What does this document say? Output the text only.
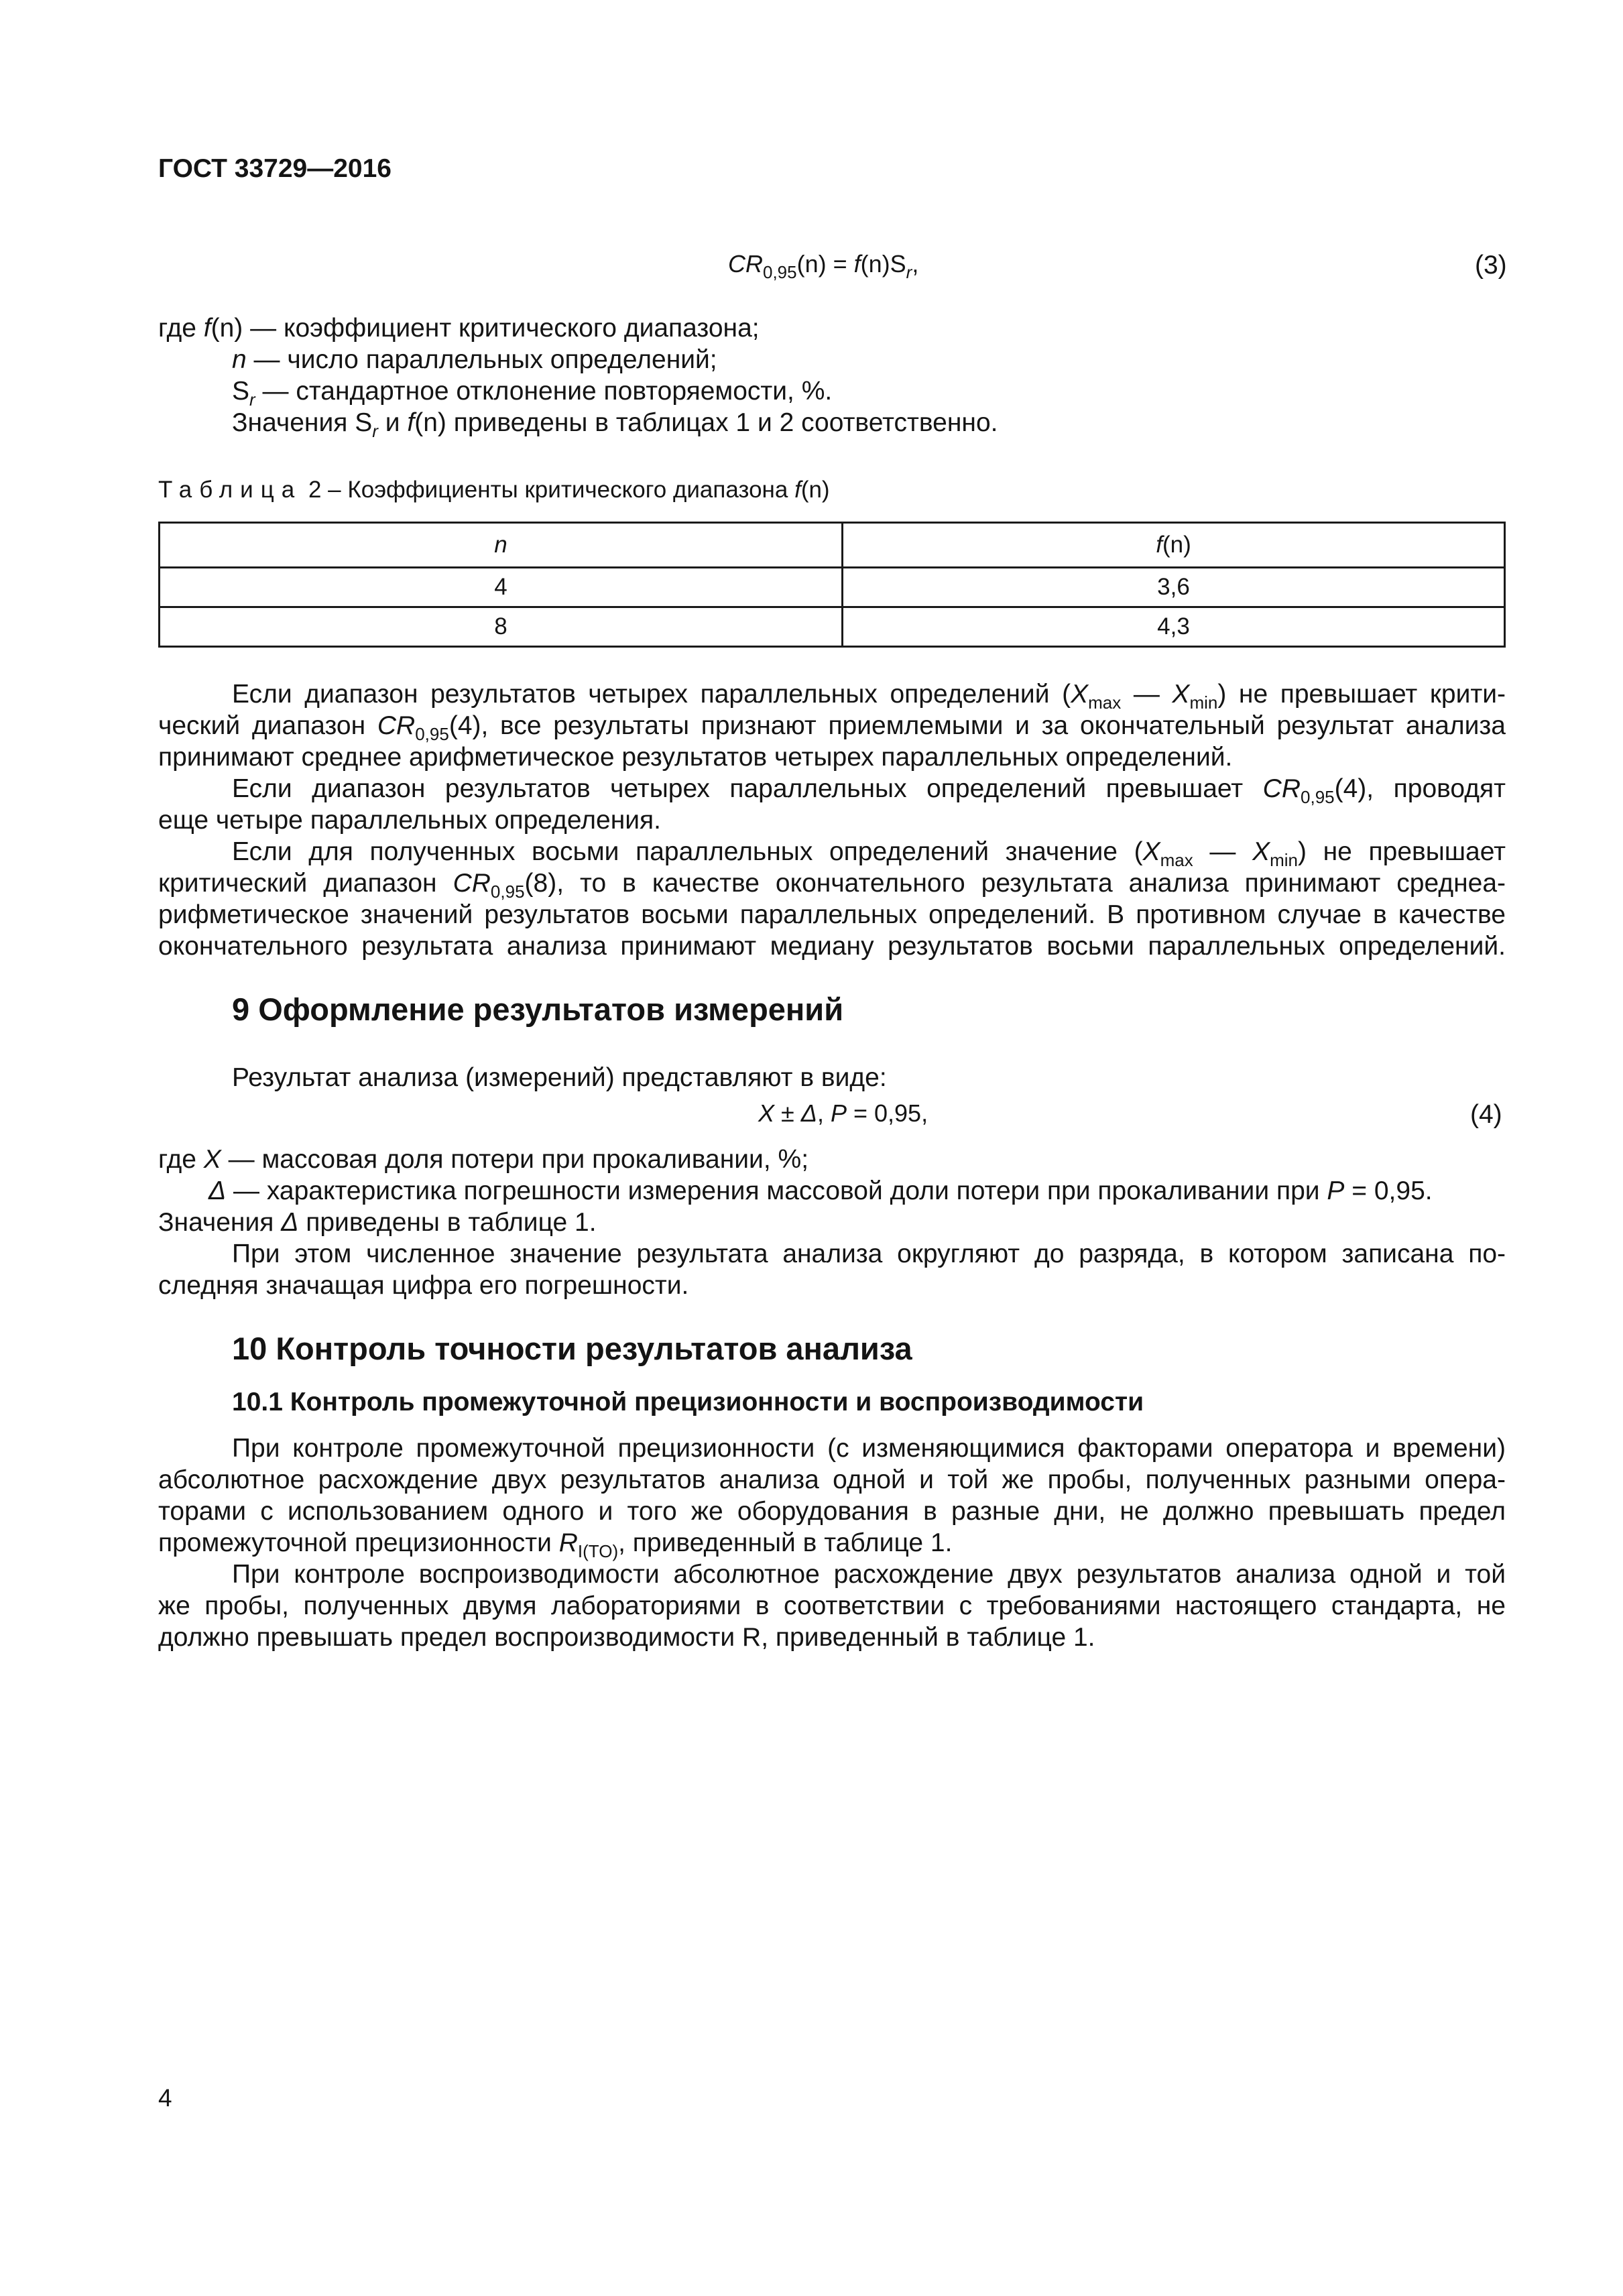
ГОСТ 33729—2016
$CR_{0,95}(n) = f(n)S_r$,	(3)
где f(n) — коэффициент критического диапазона;
n — число параллельных определений;
$S_r$ — стандартное отклонение повторяемости, %.
Значения $S_r$ и f(n) приведены в таблицах 1 и 2 соответственно.
Таблица 2 – Коэффициенты критического диапазона f(n)
n	f(n)
4	3,6
8	4,3
Если диапазон результатов четырех параллельных определений ($X_{max}$ — $X_{min}$) не превышает крити-
ческий диапазон $CR_{0,95}(4)$, все результаты признают приемлемыми и за окончательный результат анализа
принимают среднее арифметическое результатов четырех параллельных определений.
Если диапазон результатов четырех параллельных определений превышает $CR_{0,95}(4)$, проводят
еще четыре параллельных определения.
Если для полученных восьми параллельных определений значение ($X_{max}$ — $X_{min}$) не превышает
критический диапазон $CR_{0,95}(8)$, то в качестве окончательного результата анализа принимают среднеа-
рифметическое значений результатов восьми параллельных определений. В противном случае в качестве
окончательного результата анализа принимают медиану результатов восьми параллельных определений.
9 Оформление результатов измерений
Результат анализа (измерений) представляют в виде:
X ± Δ, P = 0,95,	(4)
где X — массовая доля потери при прокаливании, %;
Δ — характеристика погрешности измерения массовой доли потери при прокаливании при P = 0,95.
Значения Δ приведены в таблице 1.
При этом численное значение результата анализа округляют до разряда, в котором записана по-
следняя значащая цифра его погрешности.
10 Контроль точности результатов анализа
10.1 Контроль промежуточной прецизионности и воспроизводимости
При контроле промежуточной прецизионности (с изменяющимися факторами оператора и времени)
абсолютное расхождение двух результатов анализа одной и той же пробы, полученных разными опера-
торами с использованием одного и того же оборудования в разные дни, не должно превышать предел
промежуточной прецизионности $R_{I(TO)}$, приведенный в таблице 1.
При контроле воспроизводимости абсолютное расхождение двух результатов анализа одной и той
же пробы, полученных двумя лабораториями в соответствии с требованиями настоящего стандарта, не
должно превышать предел воспроизводимости R, приведенный в таблице 1.
4
